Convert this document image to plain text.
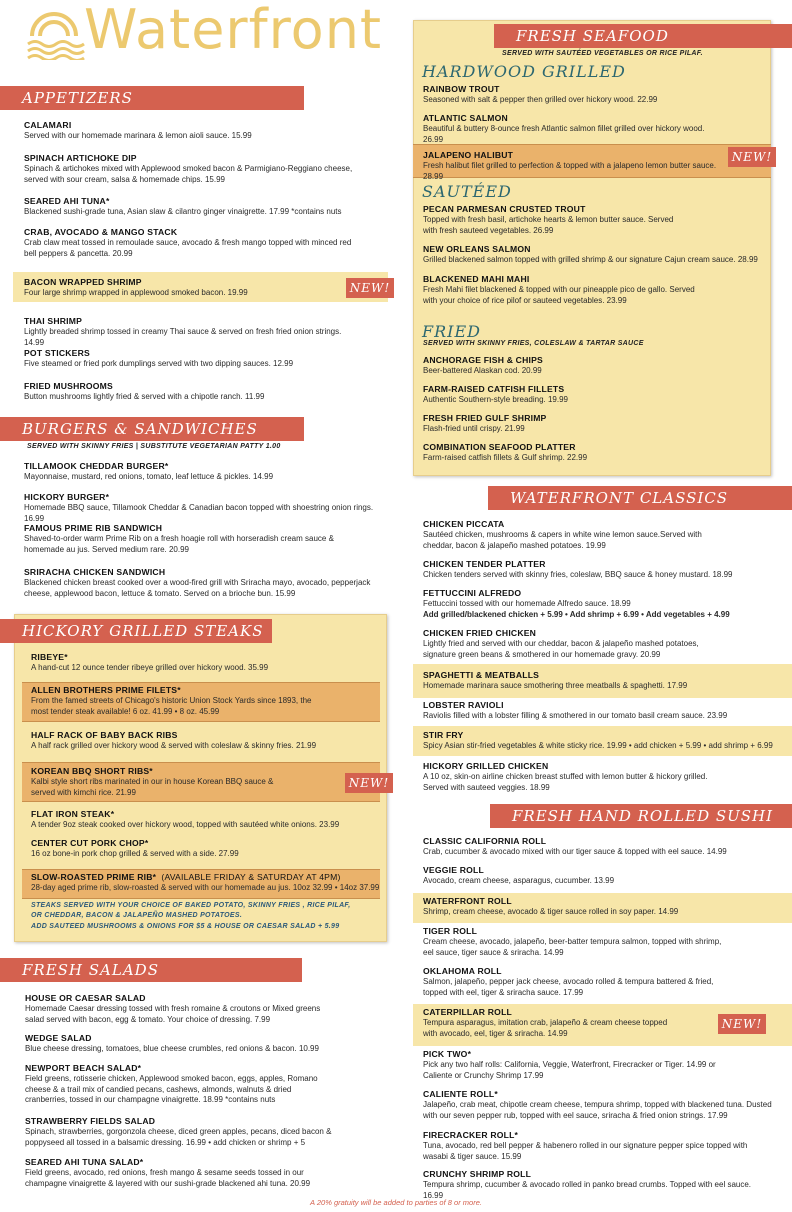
Waterfront
APPETIZERS
NEW!
CALAMARI
Served with our homemade marinara & lemon aioli sauce. 15.99
SPINACH ARTICHOKE DIP
Spinach & artichokes mixed with Applewood smoked bacon & Parmigiano-Reggiano cheese, served with sour cream, salsa & homemade chips. 15.99
SEARED AHI TUNA*
Blackened sushi-grade tuna, Asian slaw & cilantro ginger vinaigrette. 17.99 *contains nuts
CRAB, AVOCADO & MANGO STACK
Crab claw meat tossed in remoulade sauce, avocado & fresh mango topped with minced red bell peppers & pancetta. 20.99
BACON WRAPPED SHRIMP
Four large shrimp wrapped in applewood smoked bacon. 19.99
THAI SHRIMP
Lightly breaded shrimp tossed in creamy Thai sauce & served on fresh fried onion strings. 14.99
POT STICKERS
Five steamed or fried pork dumplings served with two dipping sauces. 12.99
FRIED MUSHROOMS
Button mushrooms lightly fried & served with a chipotle ranch. 11.99
BURGERS & SANDWICHES
SERVED WITH SKINNY FRIES | SUBSTITUTE VEGETARIAN PATTY 1.00
TILLAMOOK CHEDDAR BURGER*
Mayonnaise, mustard, red onions, tomato, leaf lettuce & pickles. 14.99
HICKORY BURGER*
Homemade BBQ sauce, Tillamook Cheddar & Canadian bacon topped with shoestring onion rings. 16.99
FAMOUS PRIME RIB SANDWICH
Shaved-to-order warm Prime Rib on a fresh hoagie roll with horseradish cream sauce & homemade au jus. Served medium rare. 20.99
SRIRACHA CHICKEN SANDWICH
Blackened chicken breast cooked over a wood-fired grill with Sriracha mayo, avocado, pepperjack cheese, applewood bacon, lettuce & tomato. Served on a brioche bun. 15.99
HICKORY GRILLED STEAKS
NEW!
RIBEYE*
A hand-cut 12 ounce tender ribeye grilled over hickory wood. 35.99
ALLEN BROTHERS PRIME FILETS*
From the famed streets of Chicago's historic Union Stock Yards since 1893, the most tender steak available! 6 oz. 41.99 • 8 oz. 45.99
HALF RACK OF BABY BACK RIBS
A half rack grilled over hickory wood & served with coleslaw & skinny fries. 21.99
KOREAN BBQ SHORT RIBS*
Kalbi style short ribs marinated in our in house Korean BBQ sauce & served with kimchi rice. 21.99
FLAT IRON STEAK*
A tender 9oz steak cooked over hickory wood, topped with sautéed white onions. 23.99
CENTER CUT PORK CHOP*
16 oz bone-in pork chop grilled & served with a side. 27.99
SLOW-ROASTED PRIME RIB* (AVAILABLE FRIDAY & SATURDAY AT 4PM)
28-day aged prime rib, slow-roasted & served with our homemade au jus. 10oz 32.99 • 14oz 37.99
STEAKS SERVED WITH YOUR CHOICE OF BAKED POTATO, SKINNY FRIES , RICE PILAF,
OR CHEDDAR, BACON & JALAPEÑO MASHED POTATOES.
ADD SAUTEED MUSHROOMS & ONIONS FOR $5 & HOUSE OR CAESAR SALAD + 5.99
FRESH SALADS
HOUSE OR CAESAR SALAD
Homemade Caesar dressing tossed with fresh romaine & croutons or Mixed greens salad served with bacon, egg & tomato. Your choice of dressing. 7.99
WEDGE SALAD
Blue cheese dressing, tomatoes, blue cheese crumbles, red onions & bacon. 10.99
NEWPORT BEACH SALAD*
Field greens, rotisserie chicken, Applewood smoked bacon, eggs, apples, Romano cheese & a trail mix of candied pecans, cashews, almonds, walnuts & dried cranberries, tossed in our champagne vinaigrette. 18.99 *contains nuts
STRAWBERRY FIELDS SALAD
Spinach, strawberries, gorgonzola cheese, diced green apples, pecans, diced bacon & poppyseed all tossed in a balsamic dressing. 16.99 • add chicken or shrimp + 5
SEARED AHI TUNA SALAD*
Field greens, avocado, red onions, fresh mango & sesame seeds tossed in our champagne vinaigrette & layered with our sushi-grade blackened ahi tuna. 20.99
FRESH SEAFOOD
SERVED WITH SAUTÉED VEGETABLES OR RICE PILAF.
HARDWOOD GRILLED
NEW!
RAINBOW TROUT
Seasoned with salt & pepper then grilled over hickory wood. 22.99
ATLANTIC SALMON
Beautiful & buttery 8-ounce fresh Atlantic salmon fillet grilled over hickory wood. 26.99
JALAPENO HALIBUT
Fresh halibut filet grilled to perfection & topped with a jalapeno lemon butter sauce. 28.99
SAUTÉED
PECAN PARMESAN CRUSTED TROUT
Topped with fresh basil, artichoke hearts & lemon butter sauce. Served with fresh sauteed vegetables. 26.99
NEW ORLEANS SALMON
Grilled blackened salmon topped with grilled shrimp & our signature Cajun cream sauce. 28.99
BLACKENED MAHI MAHI
Fresh Mahi filet blackened & topped with our pineapple pico de gallo. Served with your choice of rice pilof or sauteed vegetables. 23.99
FRIED
SERVED WITH SKINNY FRIES, COLESLAW & TARTAR SAUCE
ANCHORAGE FISH & CHIPS
Beer-battered Alaskan cod. 20.99
FARM-RAISED CATFISH FILLETS
Authentic Southern-style breading. 19.99
FRESH FRIED GULF SHRIMP
Flash-fried until crispy. 21.99
COMBINATION SEAFOOD PLATTER
Farm-raised catfish fillets & Gulf shrimp. 22.99
WATERFRONT CLASSICS
CHICKEN PICCATA
Sautéed chicken, mushrooms & capers in white wine lemon sauce.Served with cheddar, bacon & jalapeño mashed potatoes. 19.99
CHICKEN TENDER PLATTER
Chicken tenders served with skinny fries, coleslaw, BBQ sauce & honey mustard. 18.99
FETTUCCINI ALFREDO
Fettuccini tossed with our homemade Alfredo sauce. 18.99
Add grilled/blackened chicken + 5.99 • Add shrimp + 6.99 • Add vegetables + 4.99
CHICKEN FRIED CHICKEN
Lightly fried and served with our cheddar, bacon & jalapeño mashed potatoes, signature green beans & smothered in our homemade gravy. 20.99
SPAGHETTI & MEATBALLS
Homemade marinara sauce smothering three meatballs & spaghetti. 17.99
LOBSTER RAVIOLI
Raviolis filled with a lobster filling & smothered in our tomato basil cream sauce. 23.99
STIR FRY
Spicy Asian stir-fried vegetables & white sticky rice. 19.99 • add chicken + 5.99 • add shrimp + 6.99
HICKORY GRILLED CHICKEN
A 10 oz, skin-on airline chicken breast stuffed with lemon butter & hickory grilled. Served with sauteed veggies. 18.99
FRESH HAND ROLLED SUSHI
NEW!
CLASSIC CALIFORNIA ROLL
Crab, cucumber & avocado mixed with our tiger sauce & topped with eel sauce. 14.99
VEGGIE ROLL
Avocado, cream cheese, asparagus, cucumber. 13.99
WATERFRONT ROLL
Shrimp, cream cheese, avocado & tiger sauce rolled in soy paper. 14.99
TIGER ROLL
Cream cheese, avocado, jalapeño, beer-batter tempura salmon, topped with shrimp, eel sauce, tiger sauce & sriracha. 14.99
OKLAHOMA ROLL
Salmon, jalapeño, pepper jack cheese, avocado rolled & tempura battered & fried, topped with eel, tiger & sriracha sauce. 17.99
CATERPILLAR ROLL
Tempura asparagus, imitation crab, jalapeño & cream cheese topped with avocado, eel, tiger & sriracha. 14.99
PICK TWO*
Pick any two half rolls: California, Veggie, Waterfront, Firecracker or Tiger. 14.99 or Caliente or Crunchy Shrimp 17.99
CALIENTE ROLL*
Jalapeño, crab meat, chipotle cream cheese, tempura shrimp, topped with blackened tuna. Dusted with our seven pepper rub, topped with eel sauce, sriracha & fried onion strings. 17.99
FIRECRACKER ROLL*
Tuna, avocado, red bell pepper & habenero rolled in our signature pepper spice topped with wasabi & tiger sauce. 15.99
CRUNCHY SHRIMP ROLL
Tempura shrimp, cucumber & avocado rolled in panko bread crumbs. Topped with eel sauce. 16.99
A 20% gratuity will be added to parties of 8 or more.
